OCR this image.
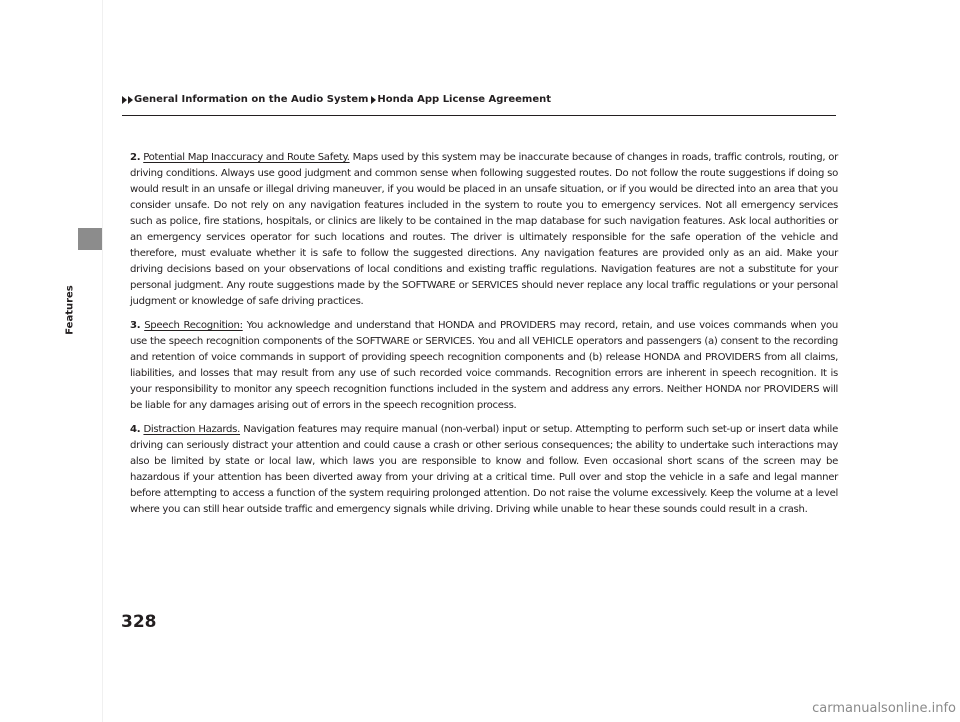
Features
General Information on the Audio System Honda App License Agreement

2. Potential Map Inaccuracy and Route Safety. Maps used by this system may be inaccurate because of changes in roads, traffic controls, routing, or driving conditions. Always use good judgment and common sense when following suggested routes. Do not follow the route suggestions if doing so would result in an unsafe or illegal driving maneuver, if you would be placed in an unsafe situation, or if you would be directed into an area that you consider unsafe. Do not rely on any navigation features included in the system to route you to emergency services. Not all emergency services such as police, fire stations, hospitals, or clinics are likely to be contained in the map database for such navigation features. Ask local authorities or an emergency services operator for such locations and routes. The driver is ultimately responsible for the safe operation of the vehicle and therefore, must evaluate whether it is safe to follow the suggested directions. Any navigation features are provided only as an aid. Make your driving decisions based on your observations of local conditions and existing traffic regulations. Navigation features are not a substitute for your personal judgment. Any route suggestions made by the SOFTWARE or SERVICES should never replace any local traffic regulations or your personal judgment or knowledge of safe driving practices.

3. Speech Recognition: You acknowledge and understand that HONDA and PROVIDERS may record, retain, and use voices commands when you use the speech recognition components of the SOFTWARE or SERVICES. You and all VEHICLE operators and passengers (a) consent to the recording and retention of voice commands in support of providing speech recognition components and (b) release HONDA and PROVIDERS from all claims, liabilities, and losses that may result from any use of such recorded voice commands. Recognition errors are inherent in speech recognition. It is your responsibility to monitor any speech recognition functions included in the system and address any errors. Neither HONDA nor PROVIDERS will be liable for any damages arising out of errors in the speech recognition process.

4. Distraction Hazards. Navigation features may require manual (non-verbal) input or setup. Attempting to perform such set-up or insert data while driving can seriously distract your attention and could cause a crash or other serious consequences; the ability to undertake such interactions may also be limited by state or local law, which laws you are responsible to know and follow. Even occasional short scans of the screen may be hazardous if your attention has been diverted away from your driving at a critical time. Pull over and stop the vehicle in a safe and legal manner before attempting to access a function of the system requiring prolonged attention. Do not raise the volume excessively. Keep the volume at a level where you can still hear outside traffic and emergency signals while driving. Driving while unable to hear these sounds could result in a crash.

328
carmanualsonline.info
